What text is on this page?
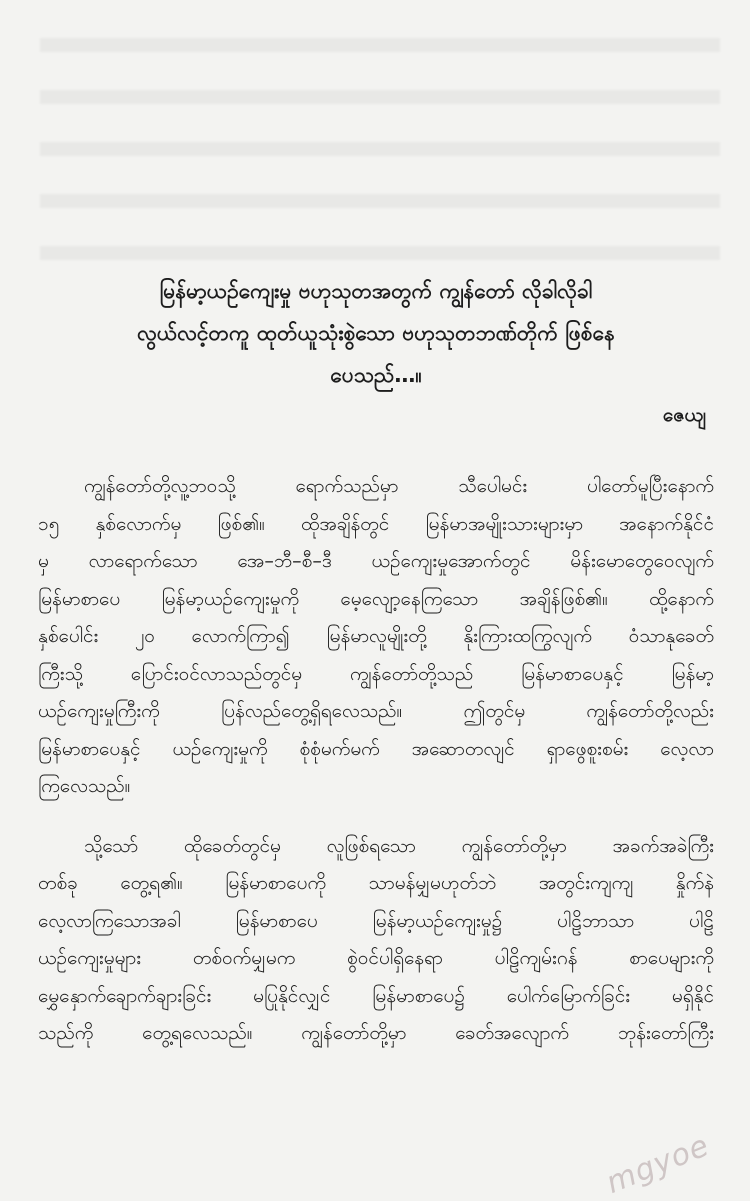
မြန်မာ့ယဉ်ကျေးမှု ဗဟုသုတအတွက် ကျွန်တော် လိုခါလိုခါ
လွယ်လင့်တကူ ထုတ်ယူသုံးစွဲသော ဗဟုသုတဘဏ်တိုက် ဖြစ်နေ
ပေသည်…။
ဇေယျ
ကျွန်တော်တို့လူ့ဘဝသို့ ရောက်သည်မှာ သီပေါမင်း ပါတော်မူပြီးနောက်
၁၅ နှစ်လောက်မှ ဖြစ်၏။ ထိုအချိန်တွင် မြန်မာအမျိုးသားများမှာ အနောက်နိုင်ငံ
မှ လာရောက်သော အေ–ဘီ–စီ–ဒီ ယဉ်ကျေးမှုအောက်တွင် မိန်းမောတွေဝေလျက်
မြန်မာစာပေ မြန်မာ့ယဉ်ကျေးမှုကို မေ့လျော့နေကြသော အချိန်ဖြစ်၏။ ထို့နောက်
နှစ်ပေါင်း ၂၀ လောက်ကြာ၍ မြန်မာလူမျိုးတို့ နိုးကြားထကြွလျက် ဝံသာနုခေတ်
ကြီးသို့ ပြောင်းဝင်လာသည်တွင်မှ ကျွန်တော်တို့သည် မြန်မာစာပေနှင့် မြန်မာ့
ယဉ်ကျေးမှုကြီးကို ပြန်လည်တွေ့ရှိရလေသည်။ ဤတွင်မှ ကျွန်တော်တို့လည်း
မြန်မာစာပေနှင့် ယဉ်ကျေးမှုကို စုံစုံမက်မက် အဆောတလျင် ရှာဖွေစူးစမ်း လေ့လာ
ကြလေသည်။
သို့သော် ထိုခေတ်တွင်မှ လူဖြစ်ရသော ကျွန်တော်တို့မှာ အခက်အခဲကြီး
တစ်ခု တွေ့ရ၏။ မြန်မာစာပေကို သာမန်မျှမဟုတ်ဘဲ အတွင်းကျကျ နှိုက်နဲ
လေ့လာကြသောအခါ မြန်မာစာပေ မြန်မာ့ယဉ်ကျေးမှု၌ ပါဠိဘာသာ ပါဠိ
ယဉ်ကျေးမှုများ တစ်ဝက်မျှမက စွဲဝင်ပါရှိနေရာ ပါဠိကျမ်းဂန် စာပေများကို
မွှေနှောက်ချောက်ချားခြင်း မပြုနိုင်လျှင် မြန်မာစာပေ၌ ပေါက်မြောက်ခြင်း မရှိနိုင်
သည်ကို တွေ့ရလေသည်။ ကျွန်တော်တို့မှာ ခေတ်အလျောက် ဘုန်းတော်ကြီး
mgyoe
